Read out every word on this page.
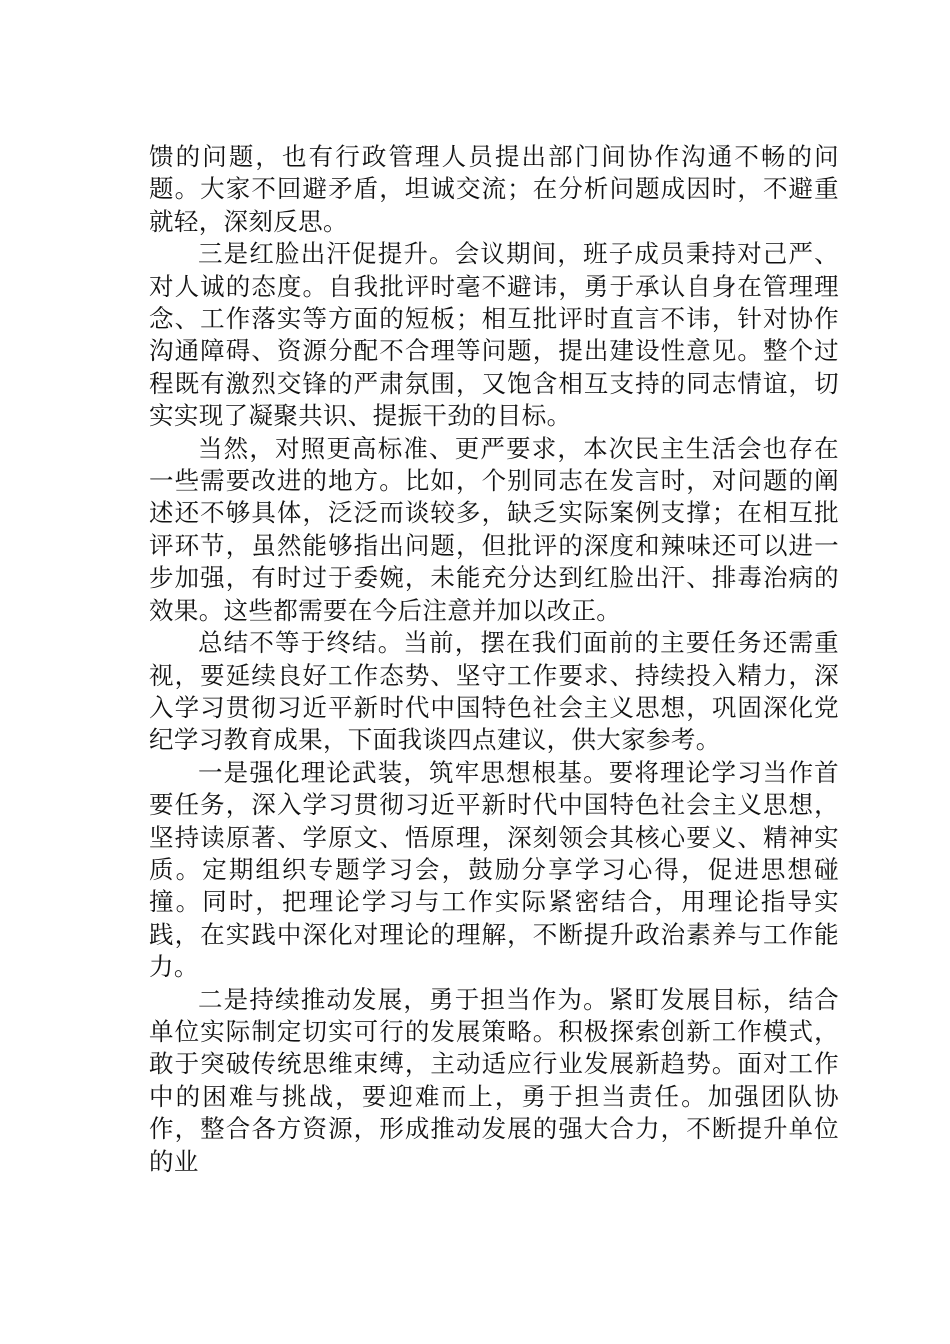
馈的问题，也有行政管理人员提出部门间协作沟通不畅的问题。大家不回避矛盾，坦诚交流；在分析问题成因时，不避重就轻，深刻反思。

三是红脸出汗促提升。会议期间，班子成员秉持对己严、对人诚的态度。自我批评时毫不避讳，勇于承认自身在管理理念、工作落实等方面的短板；相互批评时直言不讳，针对协作沟通障碍、资源分配不合理等问题，提出建设性意见。整个过程既有激烈交锋的严肃氛围，又饱含相互支持的同志情谊，切实实现了凝聚共识、提振干劲的目标。

当然，对照更高标准、更严要求，本次民主生活会也存在一些需要改进的地方。比如，个别同志在发言时，对问题的阐述还不够具体，泛泛而谈较多，缺乏实际案例支撑；在相互批评环节，虽然能够指出问题，但批评的深度和辣味还可以进一步加强，有时过于委婉，未能充分达到红脸出汗、排毒治病的效果。这些都需要在今后注意并加以改正。

总结不等于终结。当前，摆在我们面前的主要任务还需重视，要延续良好工作态势、坚守工作要求、持续投入精力，深入学习贯彻习近平新时代中国特色社会主义思想，巩固深化党纪学习教育成果，下面我谈四点建议，供大家参考。

一是强化理论武装，筑牢思想根基。要将理论学习当作首要任务，深入学习贯彻习近平新时代中国特色社会主义思想，坚持读原著、学原文、悟原理，深刻领会其核心要义、精神实质。定期组织专题学习会，鼓励分享学习心得，促进思想碰撞。同时，把理论学习与工作实际紧密结合，用理论指导实践，在实践中深化对理论的理解，不断提升政治素养与工作能力。

二是持续推动发展，勇于担当作为。紧盯发展目标，结合单位实际制定切实可行的发展策略。积极探索创新工作模式，敢于突破传统思维束缚，主动适应行业发展新趋势。面对工作中的困难与挑战，要迎难而上，勇于担当责任。加强团队协作，整合各方资源，形成推动发展的强大合力，不断提升单位的业
